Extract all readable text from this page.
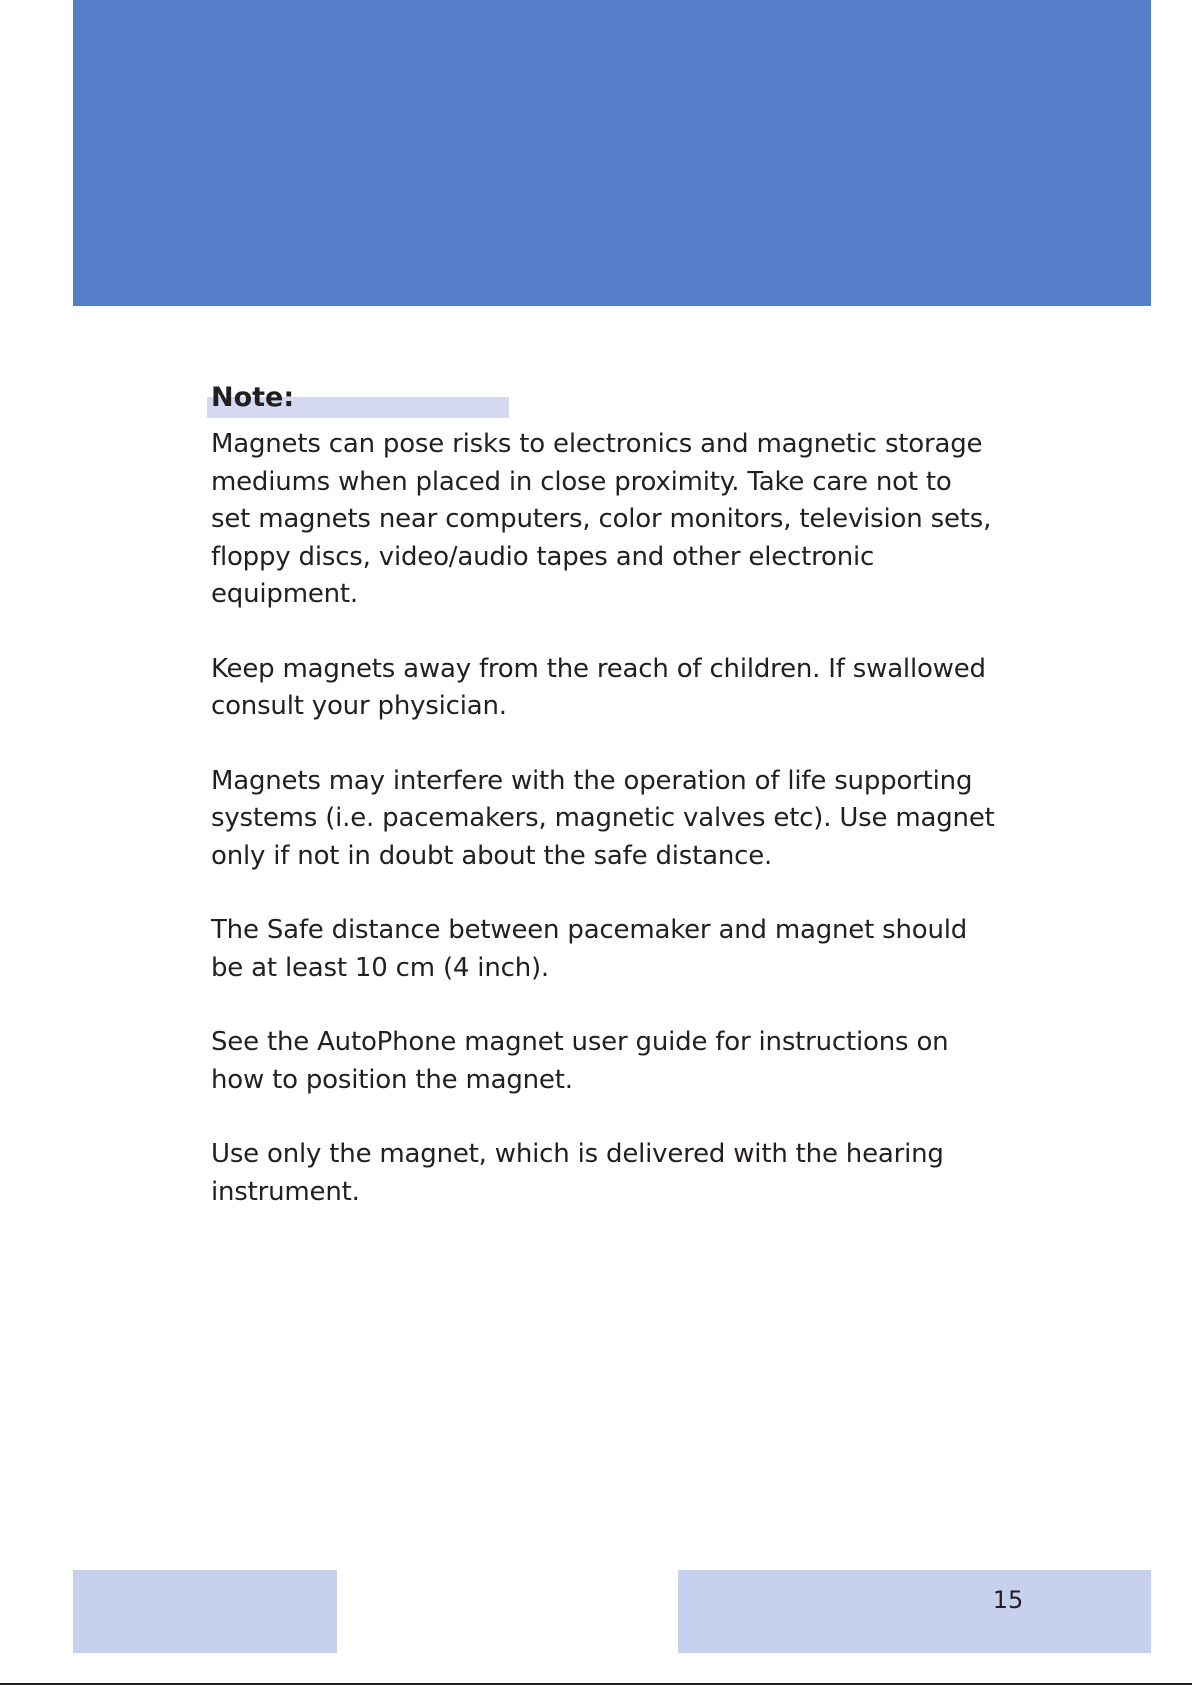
Note:

Magnets can pose risks to electronics and magnetic storage
mediums when placed in close proximity. Take care not to
set magnets near computers, color monitors, television sets,
floppy discs, video/audio tapes and other electronic
equipment.

Keep magnets away from the reach of children. If swallowed
consult your physician.

Magnets may interfere with the operation of life supporting
systems (i.e. pacemakers, magnetic valves etc). Use magnet
only if not in doubt about the safe distance.

The Safe distance between pacemaker and magnet should
be at least 10 cm (4 inch).

See the AutoPhone magnet user guide for instructions on
how to position the magnet.

Use only the magnet, which is delivered with the hearing
instrument.

15
